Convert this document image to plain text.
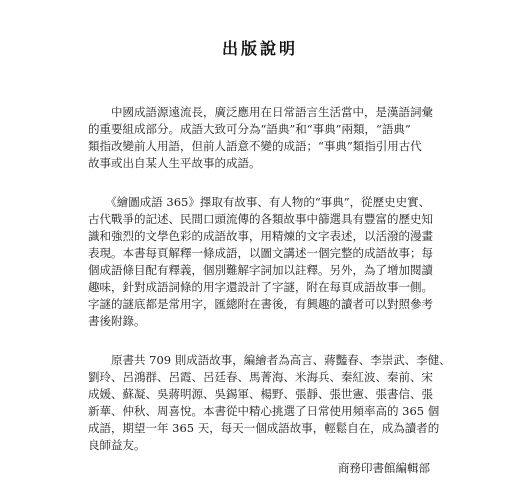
出版說明
　　中國成語源遠流長，廣泛應用在日常語言生活當中，是漢語詞彙
的重要組成部分。成語大致可分為“語典”和“事典”兩類，“語典”
類指改變前人用語，但前人語意不變的成語；“事典”類指引用古代
故事或出自某人生平故事的成語。
　　《繪圖成語 365》擇取有故事、有人物的“事典”，從歷史史實、
古代戰爭的記述、民間口頭流傳的各類故事中篩選具有豐富的歷史知
識和強烈的文學色彩的成語故事，用精煉的文字表述，以活潑的漫畫
表現。本書每頁解釋一條成語，以圖文講述一個完整的成語故事；每
個成語條目配有釋義，個別難解字詞加以註釋。另外，為了增加閱讀
趣味，針對成語詞條的用字還設計了字謎，附在每頁成語故事一側。
字謎的謎底都是常用字，匯總附在書後，有興趣的讀者可以對照參考
書後附錄。
　　原書共 709 則成語故事，編繪者為高言、蔣豔春、李崇武、李健、
劉玲、呂鴻群、呂霞、呂廷春、馬菁海、米海兵、秦紅波、秦前、宋
成媛、蘇凝、吳蔣明源、吳錫軍、楊野、張靜、張世憲、張書信、張
新華、仲秋、周喜悅。本書從中精心挑選了日常使用頻率高的 365 個
成語，期望一年 365 天，每天一個成語故事，輕鬆自在，成為讀者的
良師益友。
商務印書館編輯部
